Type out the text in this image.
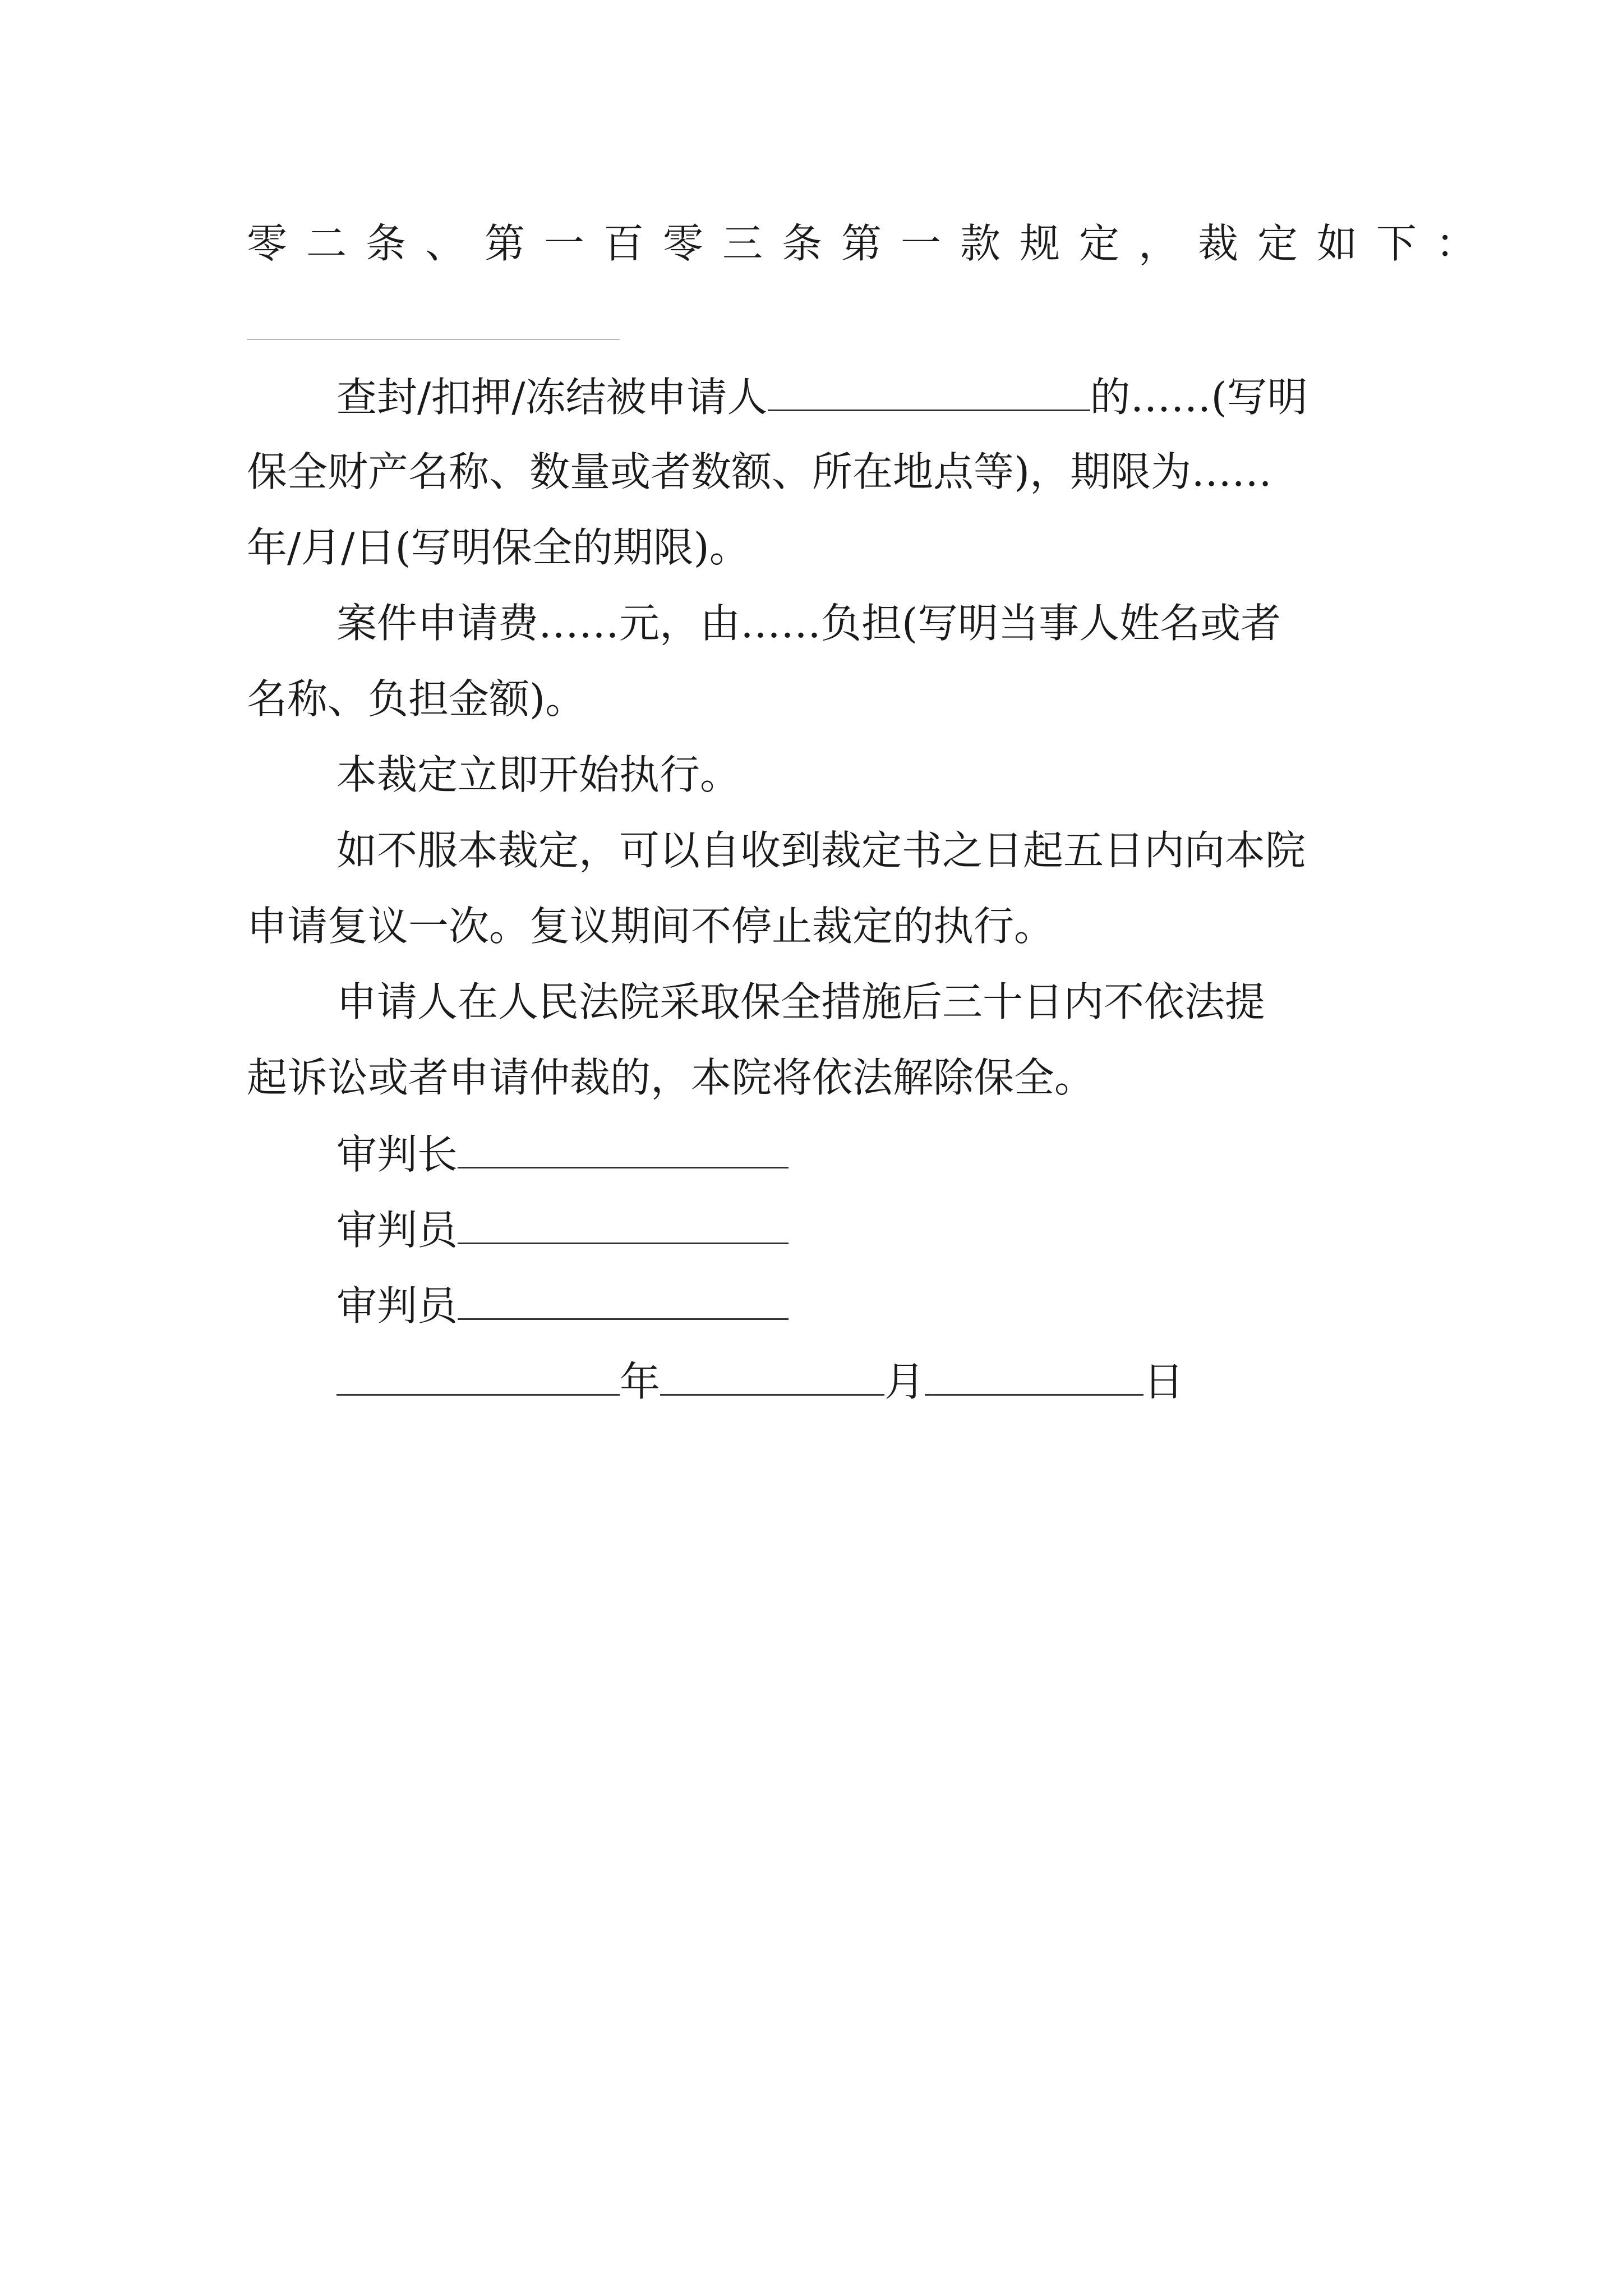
零二条、第一百零三条第一款规定，裁定如下：
查封/扣押/冻结被申请人	的……(写明
保全财产名称、数量或者数额、所在地点等)，期限为……
年/月/日(写明保全的期限)。
案件申请费……元，由……负担(写明当事人姓名或者
名称、负担金额)。
本裁定立即开始执行。
如不服本裁定，可以自收到裁定书之日起五日内向本院
申请复议一次。复议期间不停止裁定的执行。
申请人在人民法院采取保全措施后三十日内不依法提
起诉讼或者申请仲裁的，本院将依法解除保全。
审判长
审判员
审判员
年	月	日
